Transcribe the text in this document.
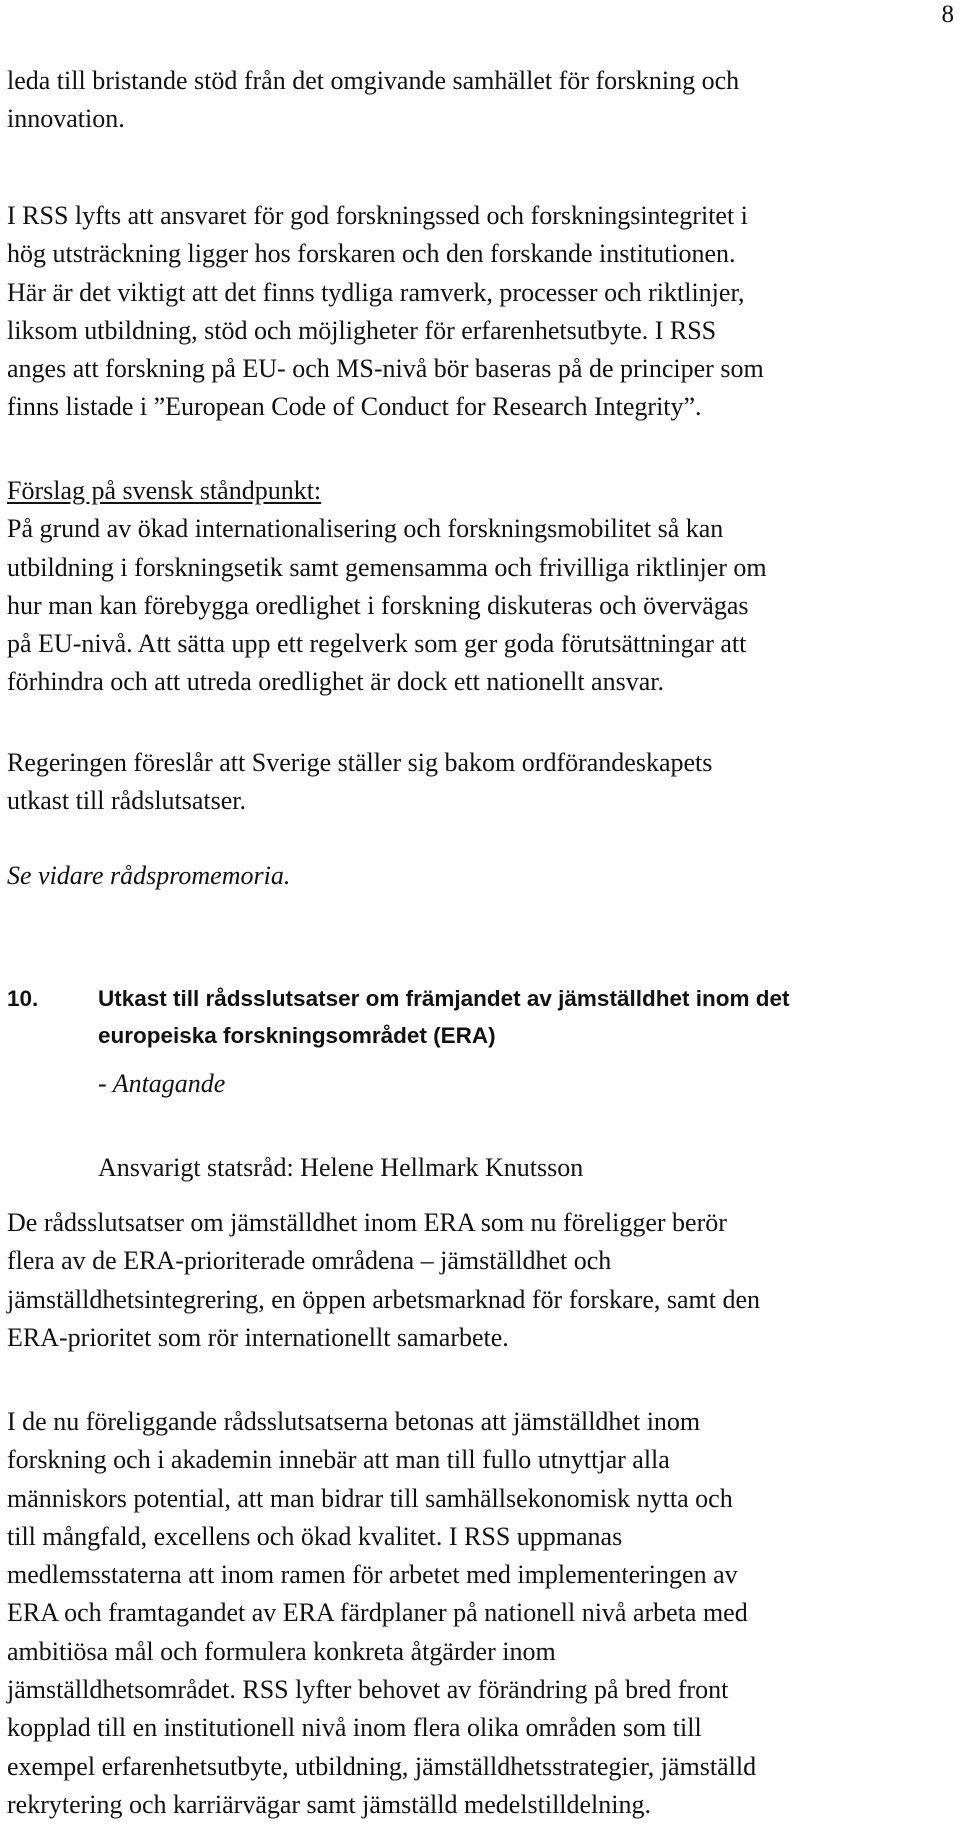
8
leda till bristande stöd från det omgivande samhället för forskning och
innovation.
I RSS lyfts att ansvaret för god forskningssed och forskningsintegritet i
hög utsträckning ligger hos forskaren och den forskande institutionen.
Här är det viktigt att det finns tydliga ramverk, processer och riktlinjer,
liksom utbildning, stöd och möjligheter för erfarenhetsutbyte. I RSS
anges att forskning på EU- och MS-nivå bör baseras på de principer som
finns listade i ”European Code of Conduct for Research Integrity”.
Förslag på svensk ståndpunkt:
På grund av ökad internationalisering och forskningsmobilitet så kan
utbildning i forskningsetik samt gemensamma och frivilliga riktlinjer om
hur man kan förebygga oredlighet i forskning diskuteras och övervägas
på EU-nivå. Att sätta upp ett regelverk som ger goda förutsättningar att
förhindra och att utreda oredlighet är dock ett nationellt ansvar.
Regeringen föreslår att Sverige ställer sig bakom ordförandeskapets
utkast till rådslutsatser.
Se vidare rådspromemoria.
10.	Utkast till rådsslutsatser om främjandet av jämställdhet inom det
europeiska forskningsområdet (ERA)
- Antagande
Ansvarigt statsråd: Helene Hellmark Knutsson
De rådsslutsatser om jämställdhet inom ERA som nu föreligger berör
flera av de ERA-prioriterade områdena – jämställdhet och
jämställdhetsintegrering, en öppen arbetsmarknad för forskare, samt den
ERA-prioritet som rör internationellt samarbete.
I de nu föreliggande rådsslutsatserna betonas att jämställdhet inom
forskning och i akademin innebär att man till fullo utnyttjar alla
människors potential, att man bidrar till samhällsekonomisk nytta och
till mångfald, excellens och ökad kvalitet. I RSS uppmanas
medlemsstaterna att inom ramen för arbetet med implementeringen av
ERA och framtagandet av ERA färdplaner på nationell nivå arbeta med
ambitiösa mål och formulera konkreta åtgärder inom
jämställdhetsområdet. RSS lyfter behovet av förändring på bred front
kopplad till en institutionell nivå inom flera olika områden som till
exempel erfarenhetsutbyte, utbildning, jämställdhetsstrategier, jämställd
rekrytering och karriärvägar samt jämställd medelstilldelning.
